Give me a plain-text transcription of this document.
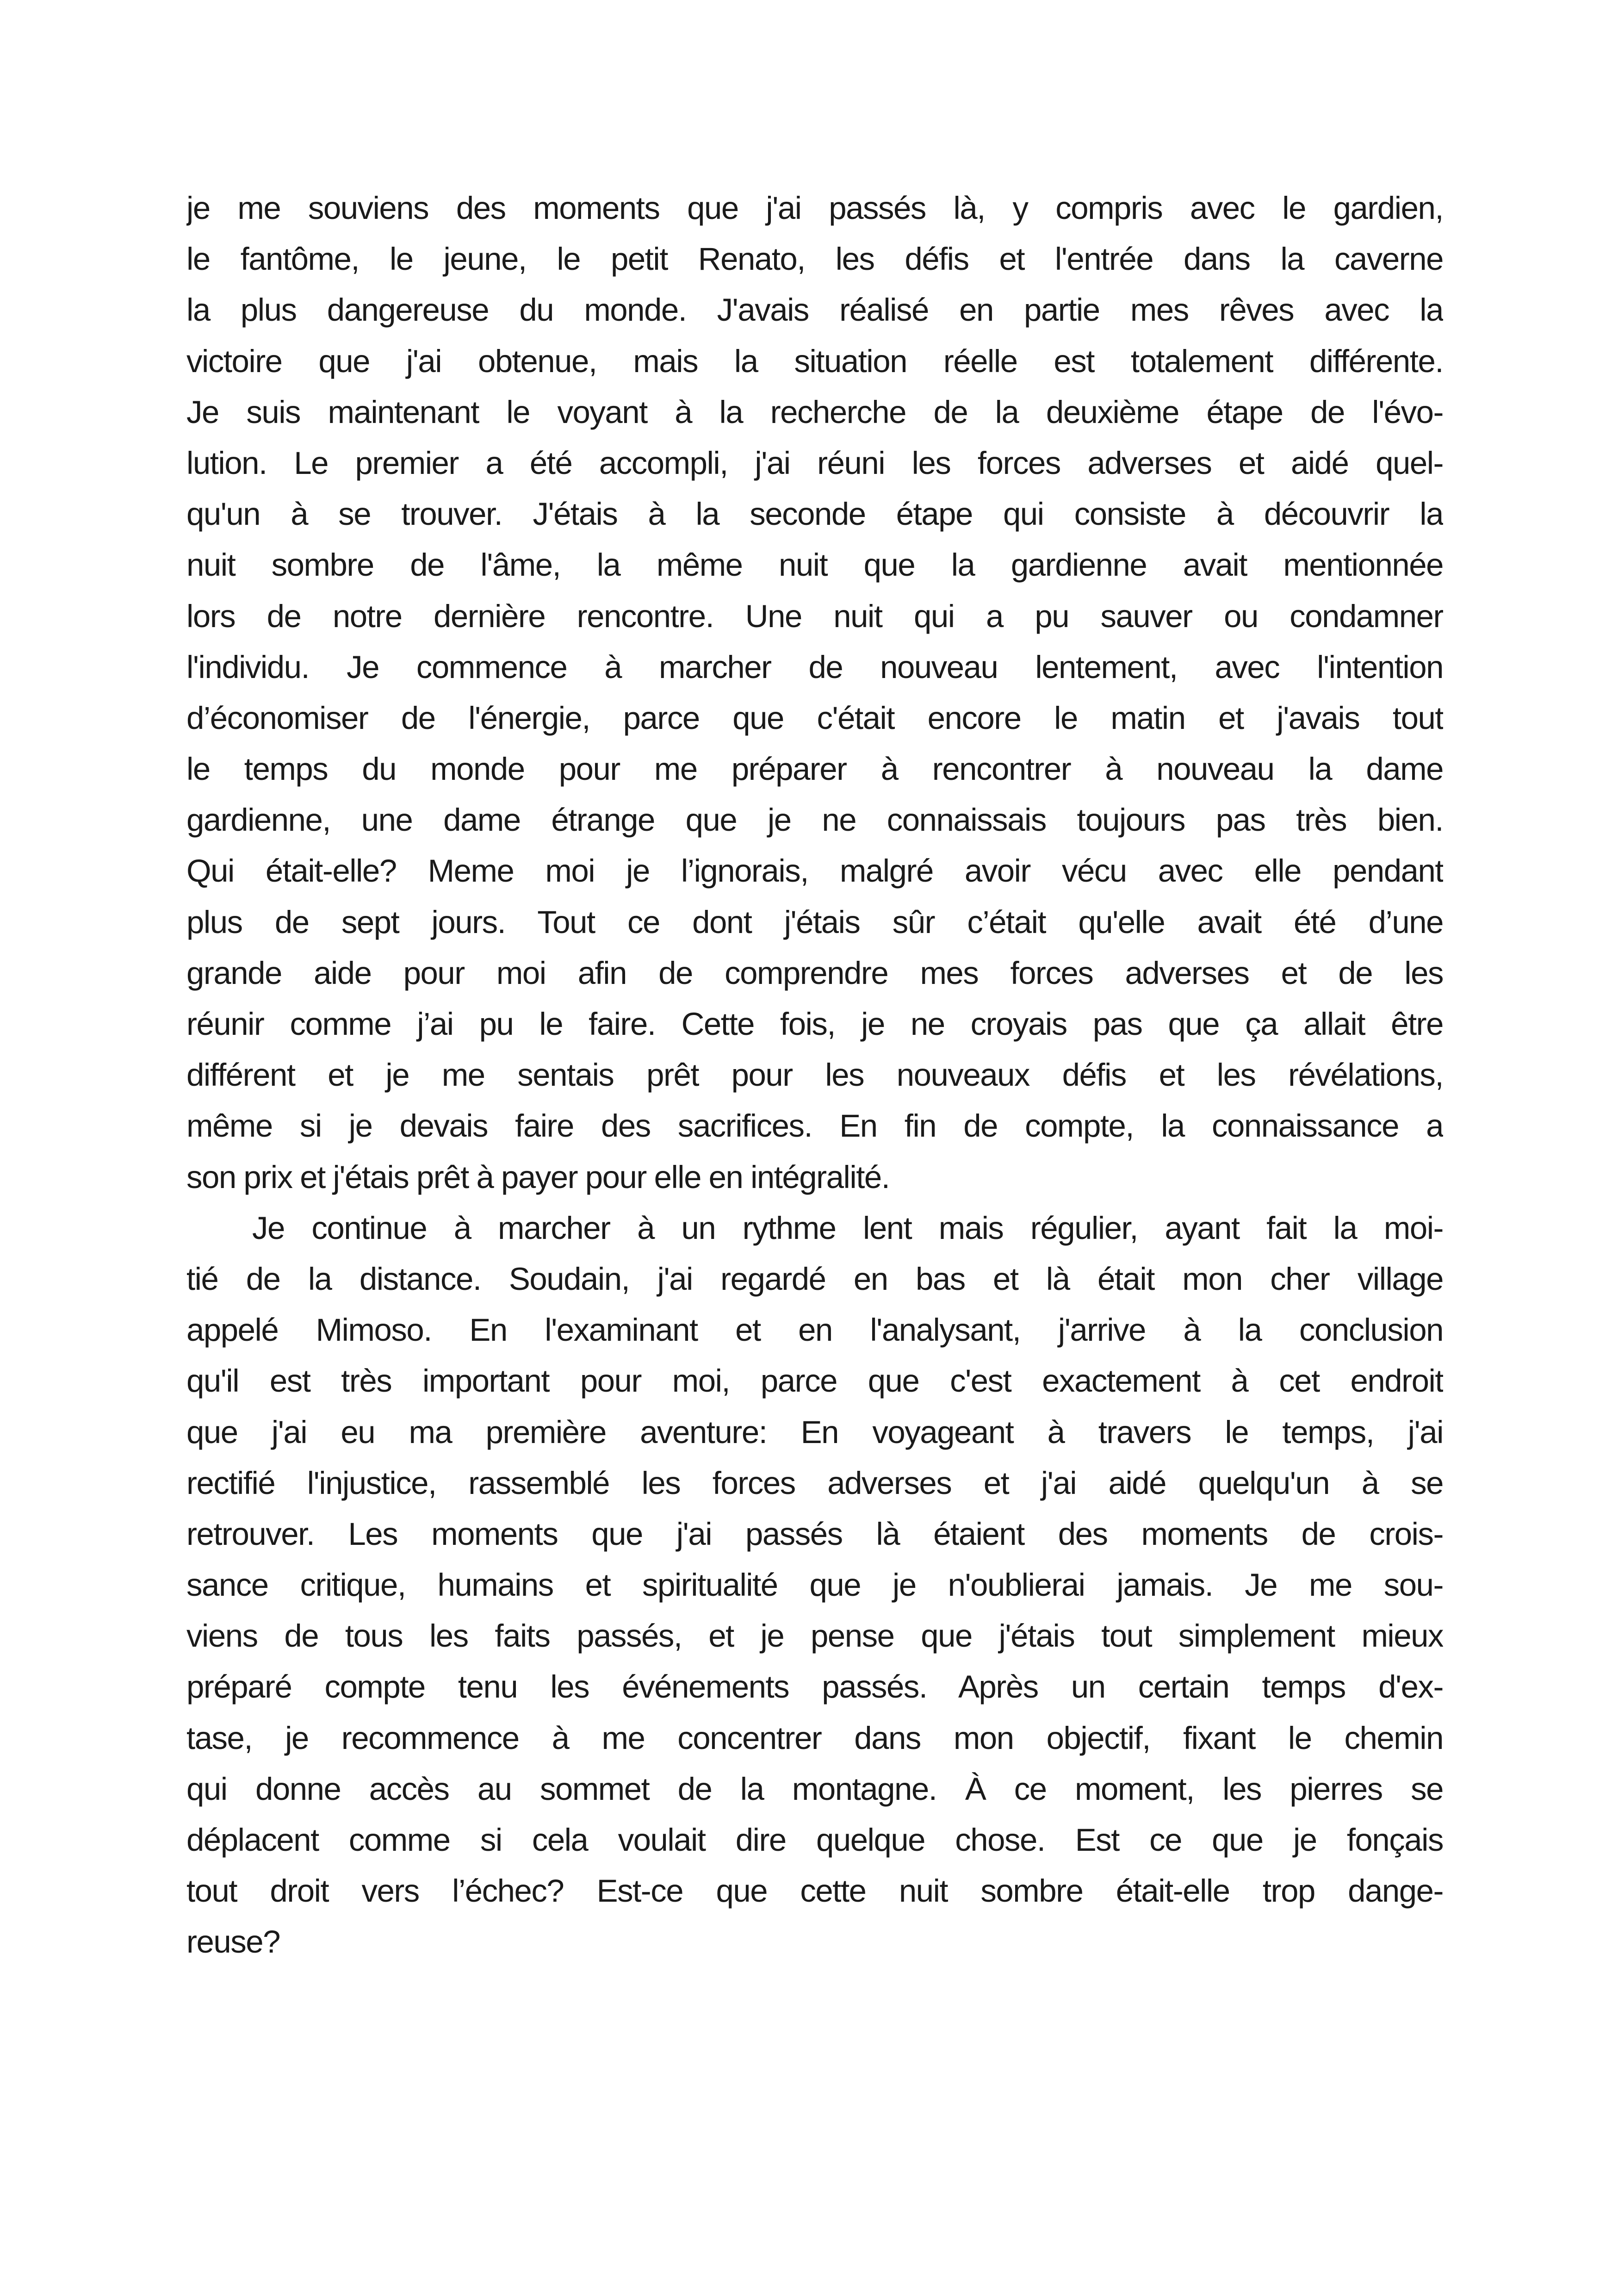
je me souviens des moments que j'ai passés là, y compris avec le gardien,
le fantôme, le jeune, le petit Renato, les défis et l'entrée dans la caverne
la plus dangereuse du monde. J'avais réalisé en partie mes rêves avec la
victoire que j'ai obtenue, mais la situation réelle est totalement différente.
Je suis maintenant le voyant à la recherche de la deuxième étape de l'évo-
lution. Le premier a été accompli, j'ai réuni les forces adverses et aidé quel-
qu'un à se trouver. J'étais à la seconde étape qui consiste à découvrir la
nuit sombre de l'âme, la même nuit que la gardienne avait mentionnée
lors de notre dernière rencontre. Une nuit qui a pu sauver ou condamner
l'individu. Je commence à marcher de nouveau lentement, avec l'intention
d’économiser de l'énergie, parce que c'était encore le matin et j'avais tout
le temps du monde pour me préparer à rencontrer à nouveau la dame
gardienne, une dame étrange que je ne connaissais toujours pas très bien.
Qui était-elle? Meme moi je l’ignorais, malgré avoir vécu avec elle pendant
plus de sept jours. Tout ce dont j'étais sûr c’était qu'elle avait été d’une
grande aide pour moi afin de comprendre mes forces adverses et de les
réunir comme j’ai pu le faire. Cette fois, je ne croyais pas que ça allait être
différent et je me sentais prêt pour les nouveaux défis et les révélations,
même si je devais faire des sacrifices. En fin de compte, la connaissance a
son prix et j'étais prêt à payer pour elle en intégralité.
Je continue à marcher à un rythme lent mais régulier, ayant fait la moi-
tié de la distance. Soudain, j'ai regardé en bas et là était mon cher village
appelé Mimoso. En l'examinant et en l'analysant, j'arrive à la conclusion
qu'il est très important pour moi, parce que c'est exactement à cet endroit
que j'ai eu ma première aventure: En voyageant à travers le temps, j'ai
rectifié l'injustice, rassemblé les forces adverses et j'ai aidé quelqu'un à se
retrouver. Les moments que j'ai passés là étaient des moments de crois-
sance critique, humains et spiritualité que je n'oublierai jamais. Je me sou-
viens de tous les faits passés, et je pense que j'étais tout simplement mieux
préparé compte tenu les événements passés. Après un certain temps d'ex-
tase, je recommence à me concentrer dans mon objectif, fixant le chemin
qui donne accès au sommet de la montagne. À ce moment, les pierres se
déplacent comme si cela voulait dire quelque chose. Est ce que je fonçais
tout droit vers l’échec? Est-ce que cette nuit sombre était-elle trop dange-
reuse?
